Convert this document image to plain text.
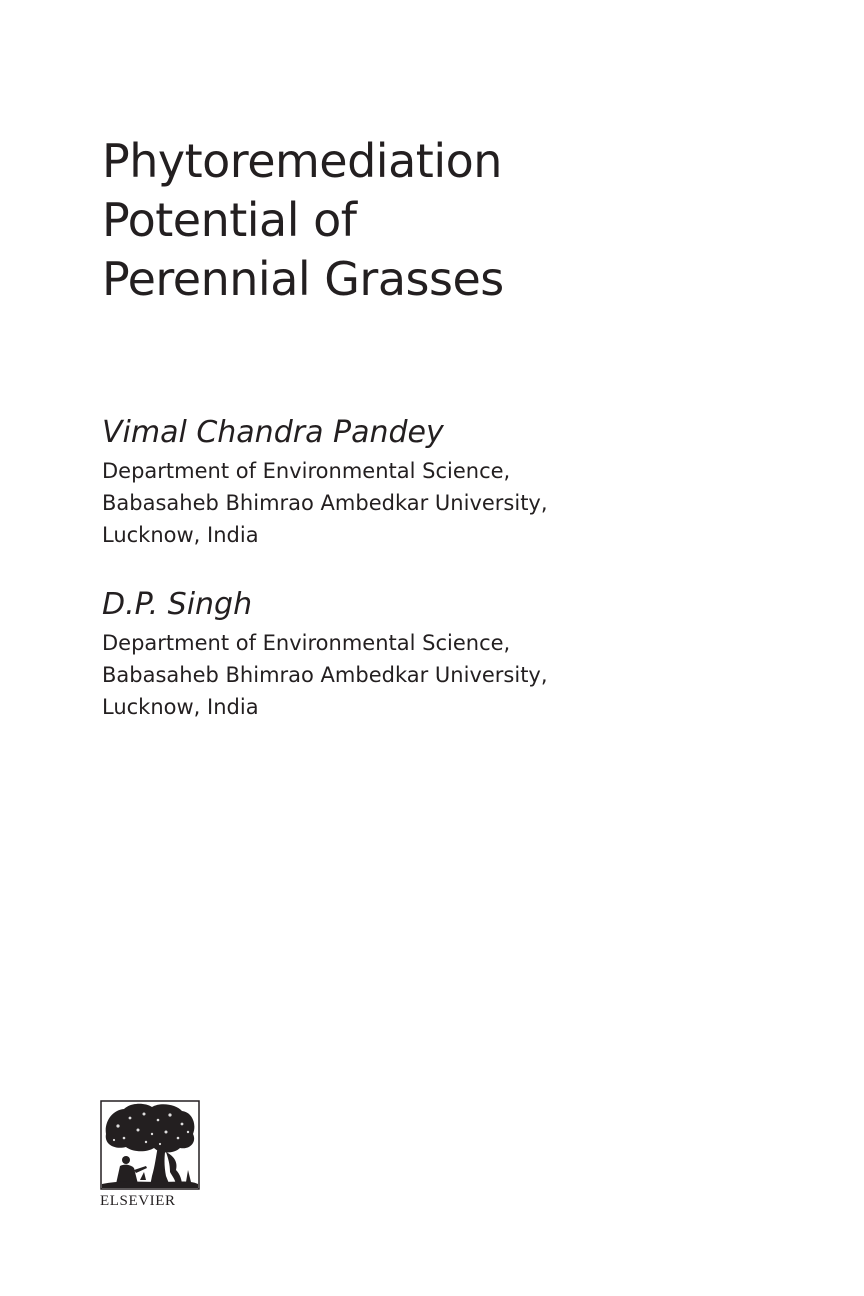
Phytoremediation
Potential of
Perennial Grasses
Vimal Chandra Pandey
Department of Environmental Science,
Babasaheb Bhimrao Ambedkar University,
Lucknow, India
D.P. Singh
Department of Environmental Science,
Babasaheb Bhimrao Ambedkar University,
Lucknow, India
ELSEVIER
